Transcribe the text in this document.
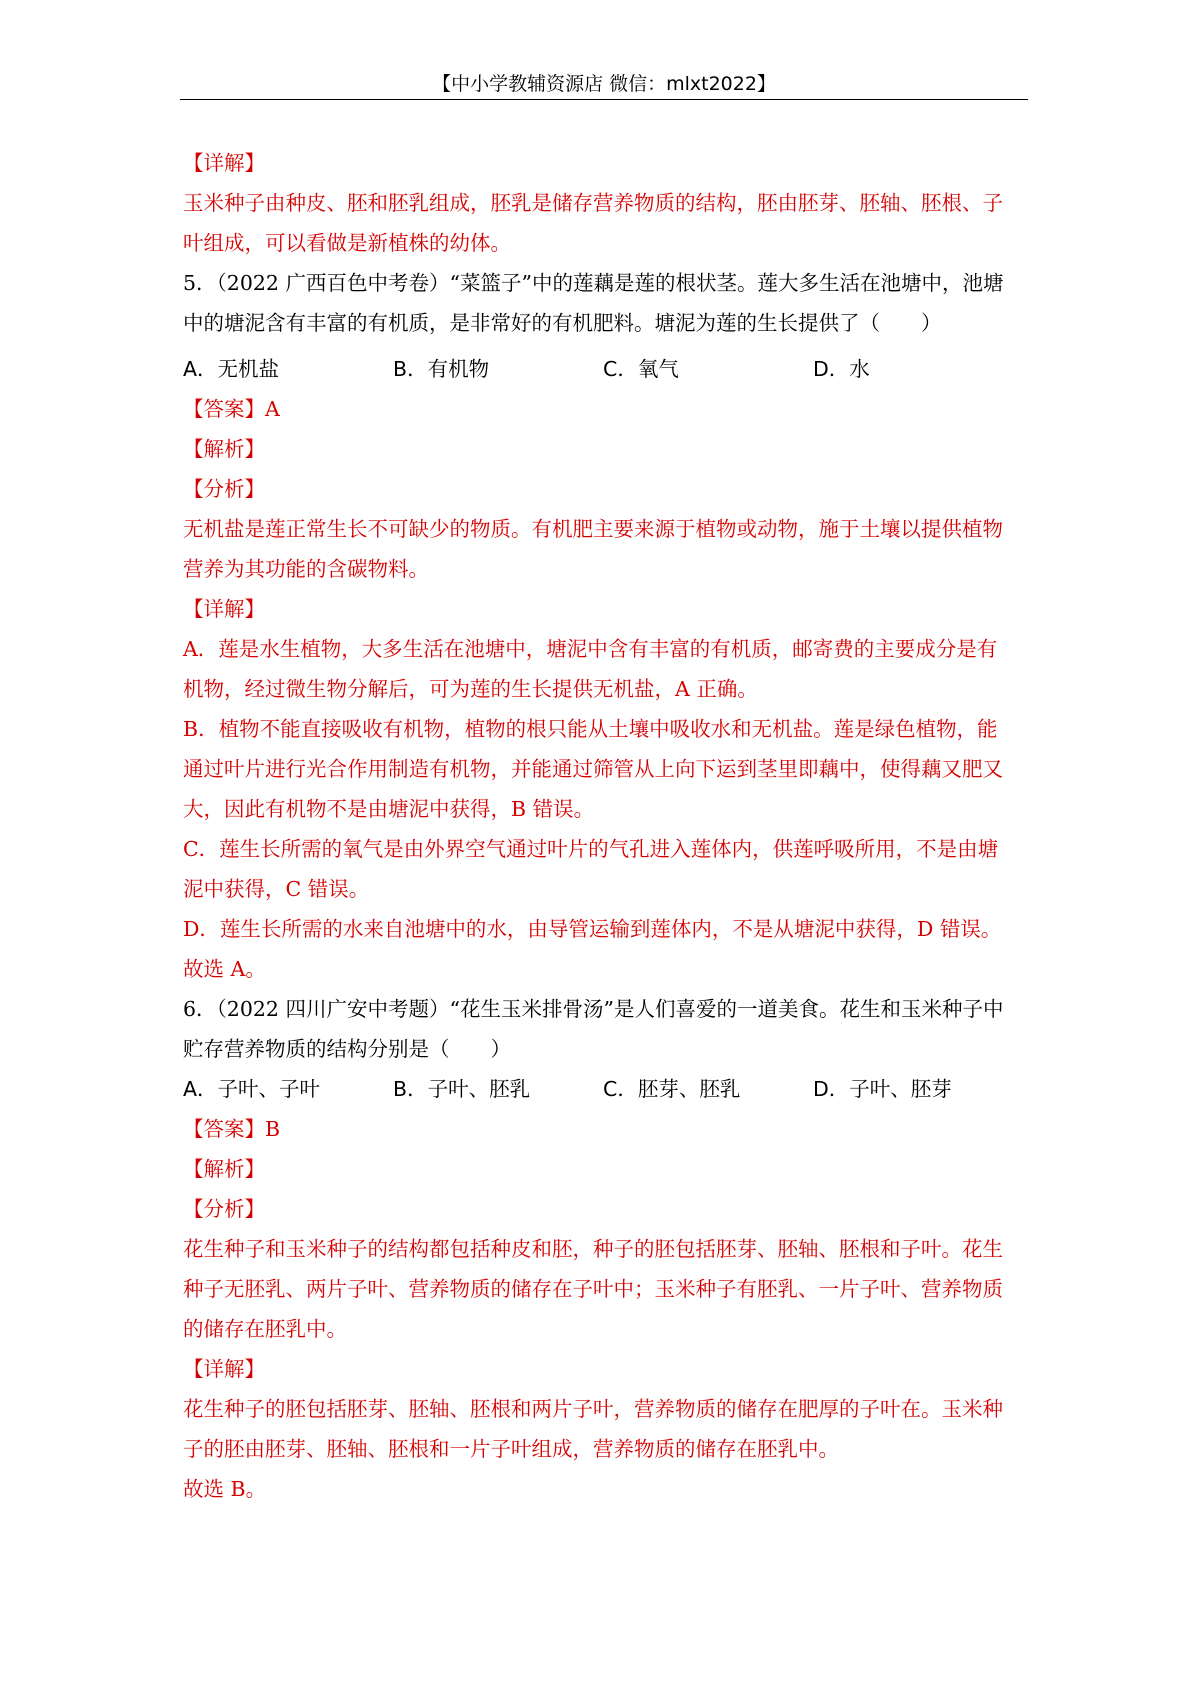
【中小学教辅资源店 微信：mlxt2022】
【详解】
玉米种子由种皮、胚和胚乳组成，胚乳是储存营养物质的结构，胚由胚芽、胚轴、胚根、子
叶组成，可以看做是新植株的幼体。
5．（2022 广西百色中考卷）“菜篮子”中的莲藕是莲的根状茎。莲大多生活在池塘中，池塘
中的塘泥含有丰富的有机质，是非常好的有机肥料。塘泥为莲的生长提供了（　　）
A．无机盐	B．有机物	C．氧气	D．水
【答案】A
【解析】
【分析】
无机盐是莲正常生长不可缺少的物质。有机肥主要来源于植物或动物，施于土壤以提供植物
营养为其功能的含碳物料。
【详解】
A．莲是水生植物，大多生活在池塘中，塘泥中含有丰富的有机质，邮寄费的主要成分是有
机物，经过微生物分解后，可为莲的生长提供无机盐，A 正确。
B．植物不能直接吸收有机物，植物的根只能从土壤中吸收水和无机盐。莲是绿色植物，能
通过叶片进行光合作用制造有机物，并能通过筛管从上向下运到茎里即藕中，使得藕又肥又
大，因此有机物不是由塘泥中获得，B 错误。
C．莲生长所需的氧气是由外界空气通过叶片的气孔进入莲体内，供莲呼吸所用，不是由塘
泥中获得，C 错误。
D．莲生长所需的水来自池塘中的水，由导管运输到莲体内，不是从塘泥中获得，D 错误。
故选 A。
6．（2022 四川广安中考题）“花生玉米排骨汤”是人们喜爱的一道美食。花生和玉米种子中
贮存营养物质的结构分别是（　　）
A．子叶、子叶	B．子叶、胚乳	C．胚芽、胚乳	D．子叶、胚芽
【答案】B
【解析】
【分析】
花生种子和玉米种子的结构都包括种皮和胚，种子的胚包括胚芽、胚轴、胚根和子叶。花生
种子无胚乳、两片子叶、营养物质的储存在子叶中；玉米种子有胚乳、一片子叶、营养物质
的储存在胚乳中。
【详解】
花生种子的胚包括胚芽、胚轴、胚根和两片子叶，营养物质的储存在肥厚的子叶在。玉米种
子的胚由胚芽、胚轴、胚根和一片子叶组成，营养物质的储存在胚乳中。
故选 B。
